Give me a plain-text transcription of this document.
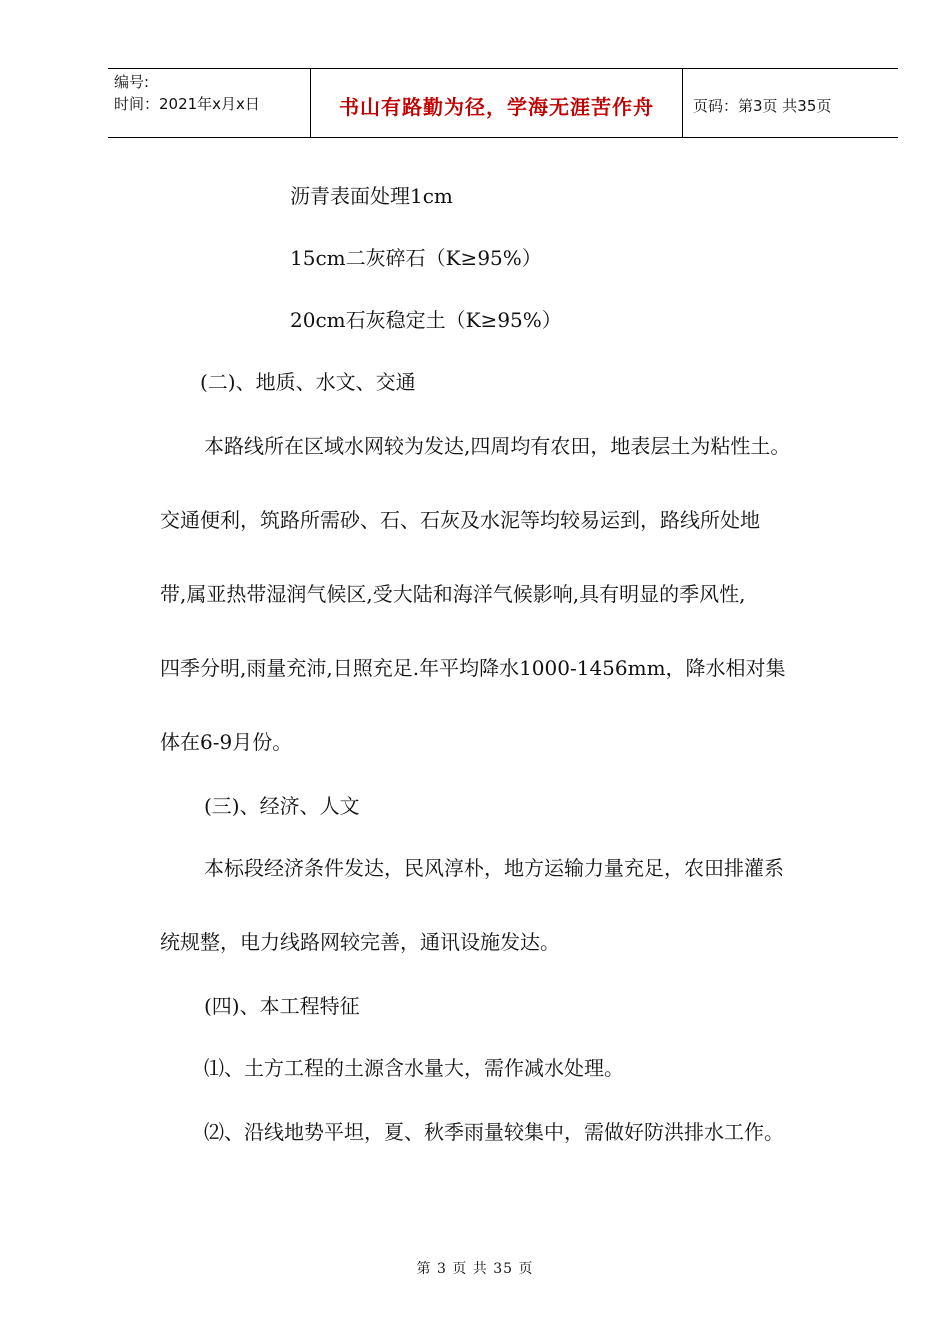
编号:
时间：2021年x月x日	书山有路勤为径，学海无涯苦作舟	页码：第3页 共35页
沥青表面处理1cm
15cm二灰碎石（K≥95%）
20cm石灰稳定土（K≥95%）
(二)、地质、水文、交通
本路线所在区域水网较为发达,四周均有农田，地表层土为粘性土。
交通便利，筑路所需砂、石、石灰及水泥等均较易运到，路线所处地
带,属亚热带湿润气候区,受大陆和海洋气候影响,具有明显的季风性,
四季分明,雨量充沛,日照充足.年平均降水1000-1456mm，降水相对集
体在6-9月份。
(三)、经济、人文
本标段经济条件发达，民风淳朴，地方运输力量充足，农田排灌系
统规整，电力线路网较完善，通讯设施发达。
(四)、本工程特征
⑴、土方工程的土源含水量大，需作减水处理。
⑵、沿线地势平坦，夏、秋季雨量较集中，需做好防洪排水工作。
第 3 页 共 35 页
